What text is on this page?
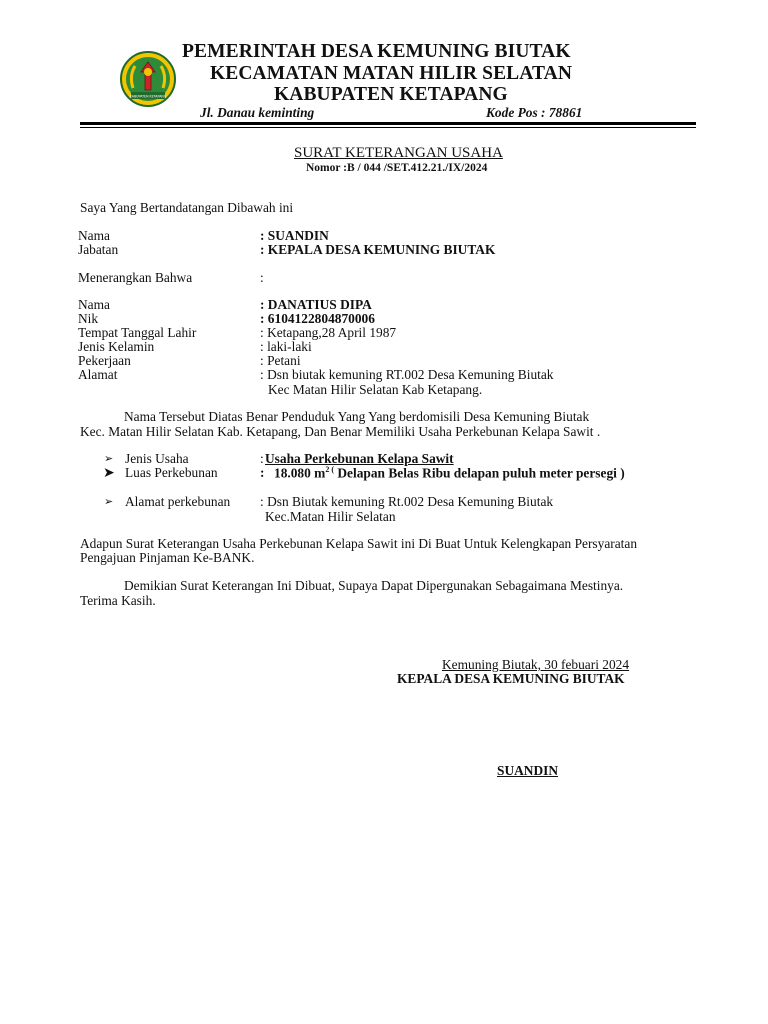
KABUPATEN KETAPANG
PEMERINTAH DESA KEMUNING BIUTAK
KECAMATAN MATAN HILIR SELATAN
KABUPATEN KETAPANG
Jl. Danau keminting	Kode Pos : 78861
SURAT KETERANGAN USAHA
Nomor :B / 044 /SET.412.21./IX/2024
Saya Yang Bertandatangan Dibawah ini
Nama	: SUANDIN
Jabatan	: KEPALA DESA KEMUNING BIUTAK
Menerangkan Bahwa	:
Nama	: DANATIUS DIPA
Nik	: 6104122804870006
Tempat Tanggal Lahir	: Ketapang,28 April 1987
Jenis Kelamin	: laki-laki
Pekerjaan	: Petani
Alamat	: Dsn biutak kemuning RT.002 Desa Kemuning Biutak
Kec Matan Hilir Selatan Kab Ketapang.
Nama Tersebut Diatas Benar Penduduk Yang Yang berdomisili Desa Kemuning Biutak
Kec. Matan Hilir Selatan Kab. Ketapang, Dan Benar Memiliki Usaha Perkebunan Kelapa Sawit .
➢ Jenis Usaha	: Usaha Perkebunan Kelapa Sawit
➤ Luas Perkebunan	: 18.080 $m^{2 (}$ Delapan Belas Ribu delapan puluh meter persegi )
➢ Alamat perkebunan : Dsn Biutak kemuning Rt.002 Desa Kemuning Biutak
Kec.Matan Hilir Selatan
Adapun Surat Keterangan Usaha Perkebunan Kelapa Sawit ini Di Buat Untuk Kelengkapan Persyaratan
Pengajuan Pinjaman Ke-BANK.
Demikian Surat Keterangan Ini Dibuat, Supaya Dapat Dipergunakan Sebagaimana Mestinya.
Terima Kasih.
Kemuning Biutak, 30 febuari 2024
KEPALA DESA KEMUNING BIUTAK
SUANDIN
